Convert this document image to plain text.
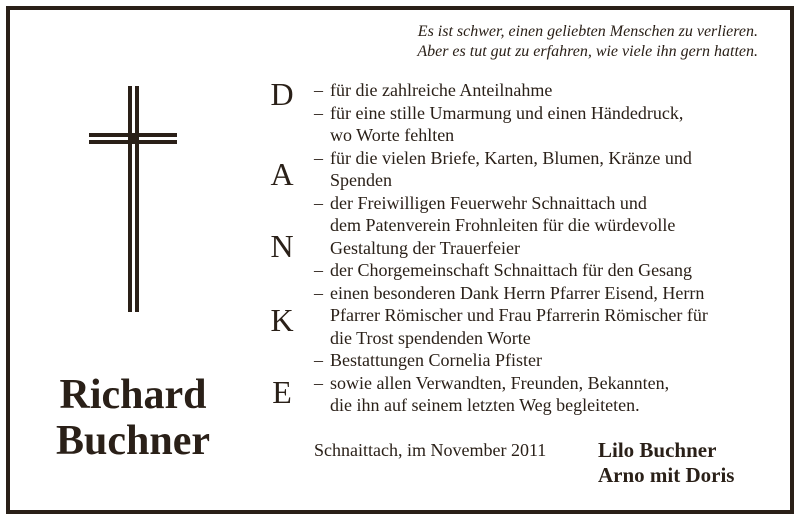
Es ist schwer, einen geliebten Menschen zu verlieren.
Aber es tut gut zu erfahren, wie viele ihn gern hatten.
Richard
Buchner
D
A
N
K
E
– für die zahlreiche Anteilnahme
– für eine stille Umarmung und einen Händedruck,
wo Worte fehlten
– für die vielen Briefe, Karten, Blumen, Kränze und
Spenden
– der Freiwilligen Feuerwehr Schnaittach und
dem Patenverein Frohnleiten für die würdevolle
Gestaltung der Trauerfeier
– der Chorgemeinschaft Schnaittach für den Gesang
– einen besonderen Dank Herrn Pfarrer Eisend, Herrn
Pfarrer Römischer und Frau Pfarrerin Römischer für
die Trost spendenden Worte
– Bestattungen Cornelia Pfister
– sowie allen Verwandten, Freunden, Bekannten,
die ihn auf seinem letzten Weg begleiteten.
Schnaittach, im November 2011 Lilo Buchner
Arno mit Doris
